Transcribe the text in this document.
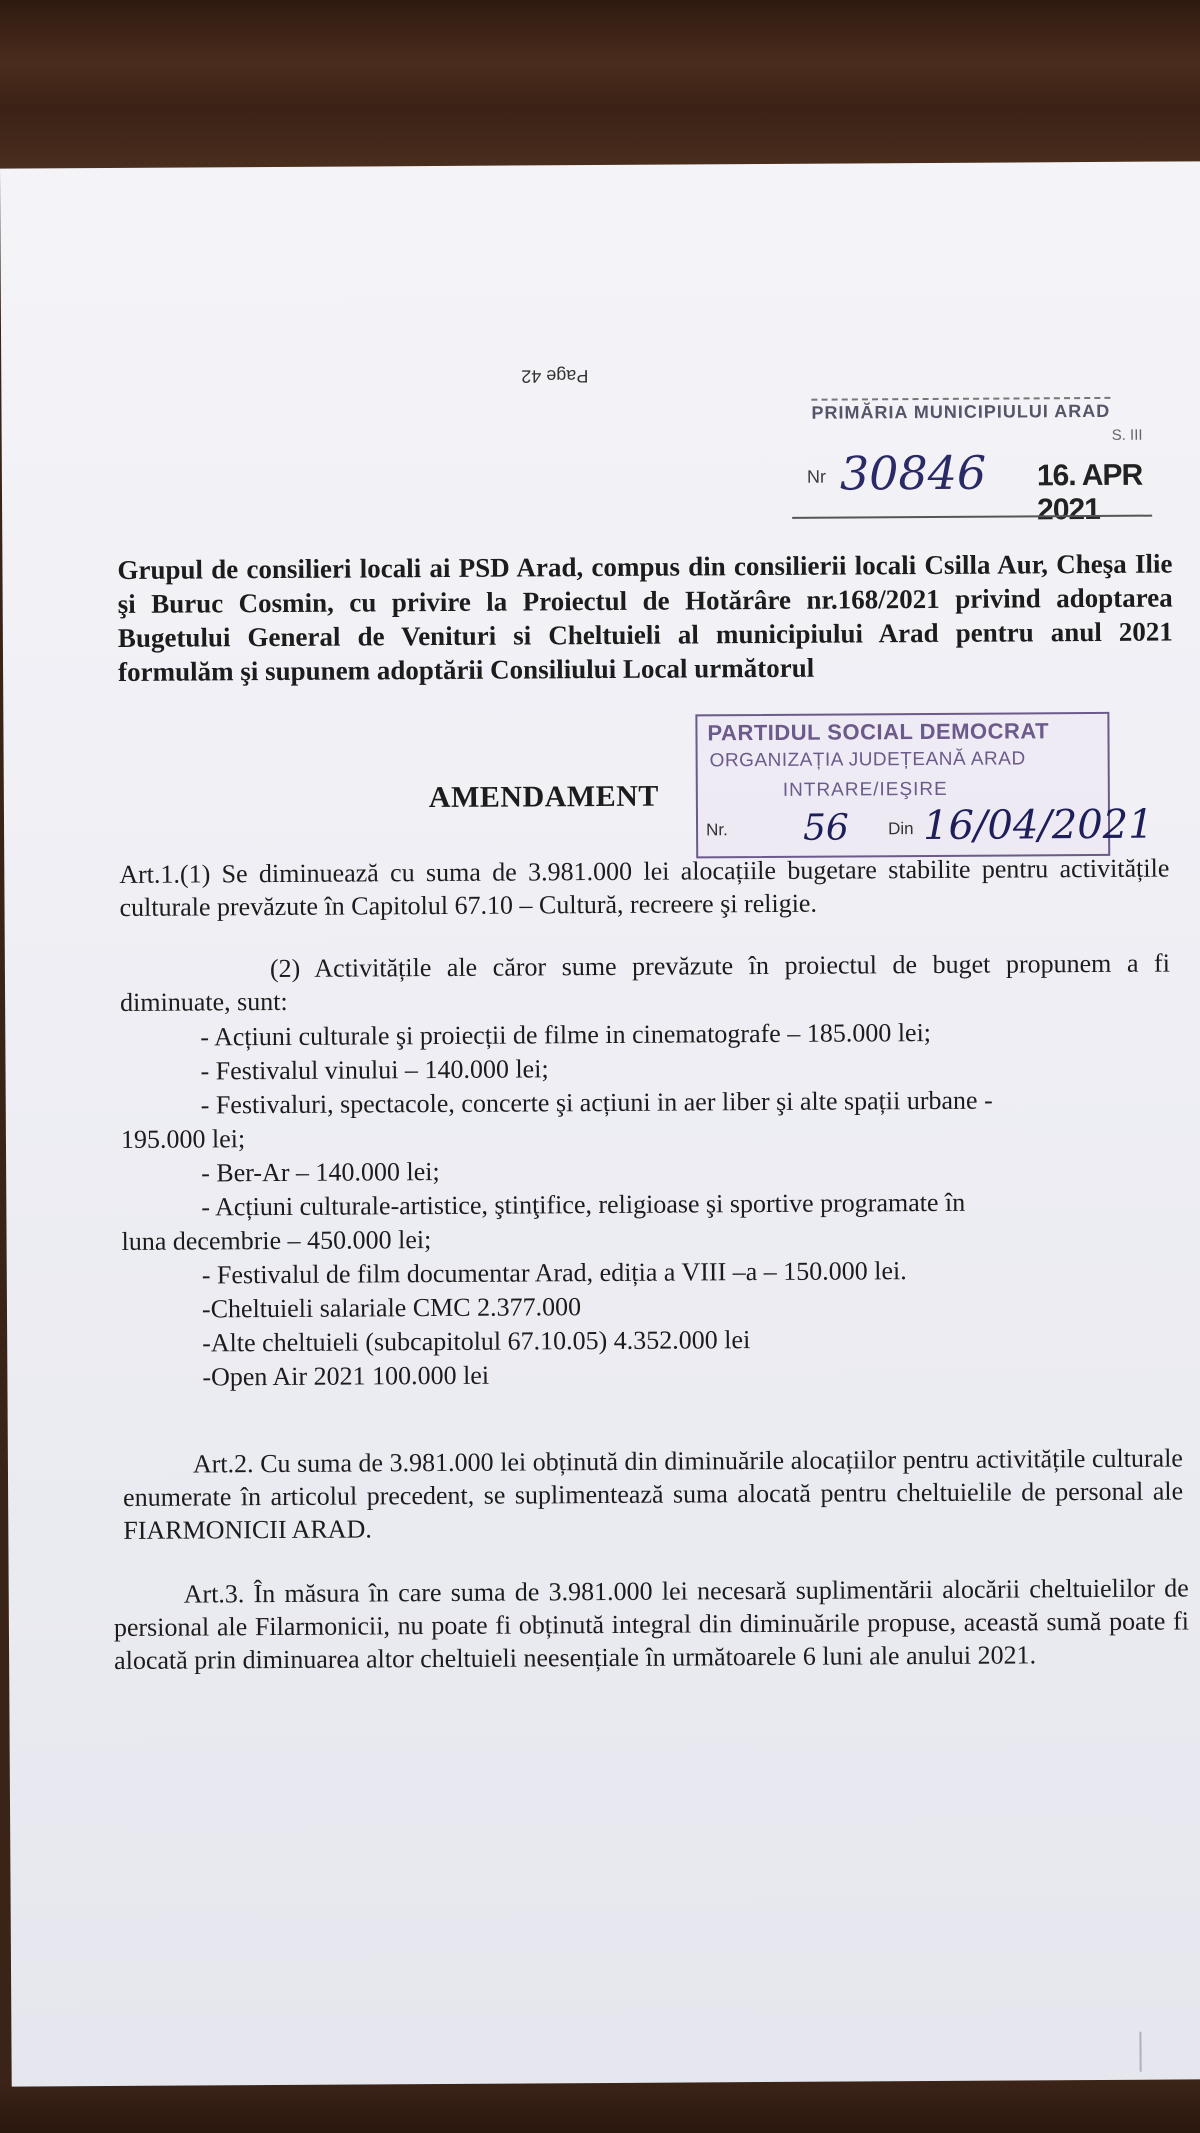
Page 42
PRIMĂRIA MUNICIPIULUI ARAD
S. III
Nr 30846 16. APR 2021
Grupul de consilieri locali ai PSD Arad, compus din consilierii locali Csilla Aur, Cheşa Ilie şi Buruc Cosmin, cu privire la Proiectul de Hotărâre nr.168/2021 privind adoptarea Bugetului General de Venituri si Cheltuieli al municipiului Arad pentru anul 2021 formulăm şi supunem adoptării Consiliului Local următorul
PARTIDUL SOCIAL DEMOCRAT
ORGANIZAȚIA JUDEȚEANĂ ARAD
INTRARE/IEŞIRE
Nr. 56 Din 16/04/2021
AMENDAMENT
Art.1.(1) Se diminuează cu suma de 3.981.000 lei alocațiile bugetare stabilite pentru activitățile culturale prevăzute în Capitolul 67.10 – Cultură, recreere şi religie.
(2) Activitățile ale căror sume prevăzute în proiectul de buget propunem a fi diminuate, sunt:
- Acțiuni culturale şi proiecții de filme in cinematografe – 185.000 lei;
- Festivalul vinului – 140.000 lei;
- Festivaluri, spectacole, concerte şi acțiuni in aer liber şi alte spații urbane -
195.000 lei;
- Ber-Ar – 140.000 lei;
- Acțiuni culturale-artistice, ştinţifice, religioase şi sportive programate în
luna decembrie – 450.000 lei;
- Festivalul de film documentar Arad, ediția a VIII –a – 150.000 lei.
-Cheltuieli salariale CMC 2.377.000
-Alte cheltuieli (subcapitolul 67.10.05) 4.352.000 lei
-Open Air 2021 100.000 lei
Art.2. Cu suma de 3.981.000 lei obținută din diminuările alocațiilor pentru activitățile culturale enumerate în articolul precedent, se suplimentează suma alocată pentru cheltuielile de personal ale FIARMONICII ARAD.
Art.3. În măsura în care suma de 3.981.000 lei necesară suplimentării alocării cheltuielilor de persional ale Filarmonicii, nu poate fi obținută integral din diminuările propuse, această sumă poate fi alocată prin diminuarea altor cheltuieli neesențiale în următoarele 6 luni ale anului 2021.
